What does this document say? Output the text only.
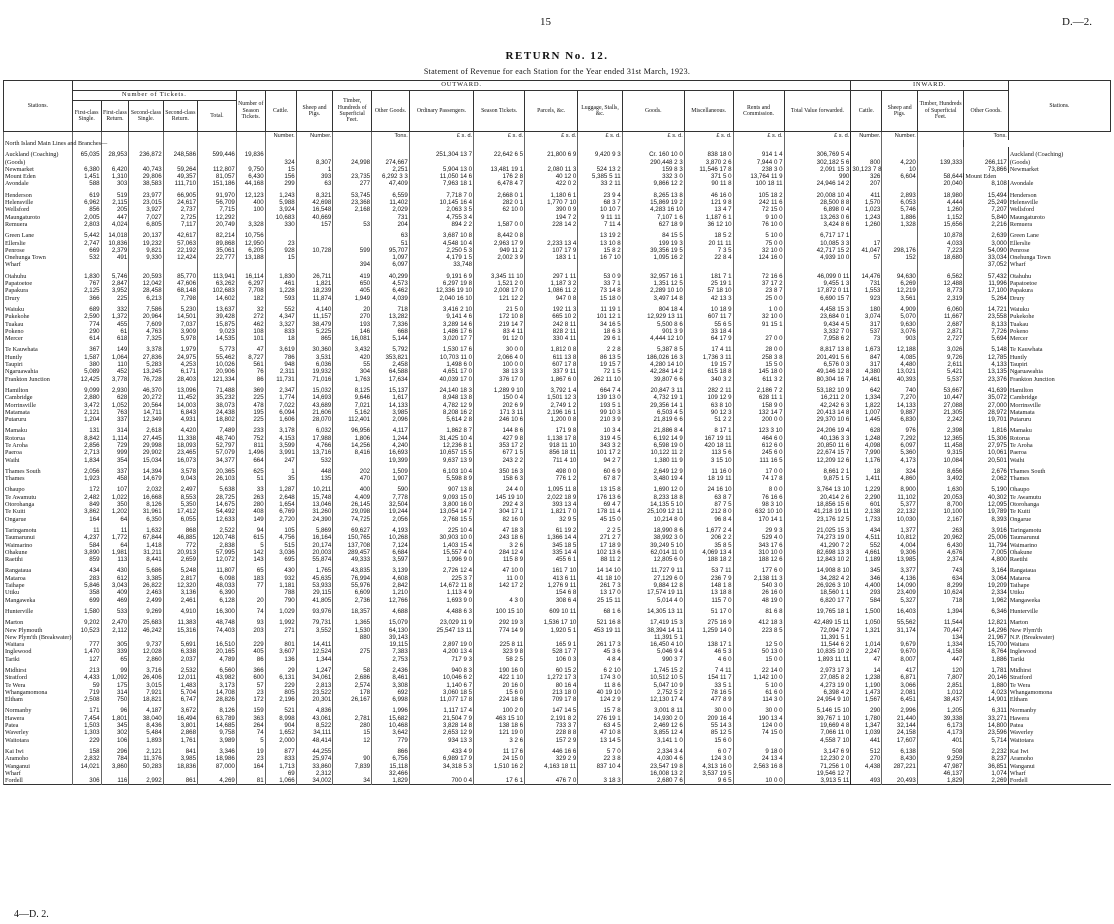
15	D.—2.
RETURN No. 12.
Statement of Revenue for each Station for the Year ended 31st March, 1923.
Stations.	OUTWARD.																		INWARD.				Stations.
	Number of Tickets.					Number of Season Tickets.	Cattle.	Sheep and Pigs.	Timber, Hundreds of Superficial Feet.	Other Goods.	Ordinary Passengers.	Season Tickets.	Parcels, &c.	Luggage, Stalls, &c.	Goods.	Miscellaneous.	Rents and Commission.	Total Value forwarded.	Cattle.	Sheep and Pigs.	Timber, Hundreds of Superficial Feet.	Other Goods.	
	First-class Single.	First-class Return.	Second-class Single.	Second-class Return.	Total.																		
							Number.	Number.		Tons.	£ s. d.	£ s. d.	£ s. d.	£ s. d.	£ s. d.	£ s. d.	£ s. d.	£ s. d.	Number.	Number.		Tons.	
North Island Main Lines and Branches—																							

Auckland (Coaching)	65,035	28,953	236,872	248,586	599,446	19,836					251,304 13 7	22,642 6 5	21,800 6 9	9,420 9 3	Cr. 160 10 0	838 18 0	914 1 4	306,769 5 4					Auckland (Coaching)
(Goods)							324	8,307	24,998	274,667					290,448 2 3	3,870 2 6	7,944 0 7	302,182 5 6	800	4,220	139,333	266,117	(Goods)
Newmarket	6,380	6,420	40,743	59,264	112,807	9,750	15	1		2,251	5,904 13 0	13,481 19 1	2,080 11 3	524 13 2	159 8 3	11,546 17 8	238 3 0	2,091 15 3	30,123 7 8	10		73,866	Newmarket
Mount Eden	1,451	1,310	29,806	49,357	81,057	6,430	156	393	23,735	6,292 3 3	11,050 14 6	176 2 8	40 12 0	5,385 5 11	332 3 0	371 5 0	13,764 11 9	990	326	6,604	58,644	Mount Eden	
Avondale	588	303	38,583	111,710	151,186	44,168	299	63	277	47,409	7,963 18 1	6,478 4 7	422 0 2	33 2 11	9,866 12 2	90 11 8	100 18 11	24,946 14 2	207		20,040	8,108	Avondale

Henderson	619	519	23,977	66,905	91,970	12,123	1,243	8,321	53,745	6,559	7,718 7 0	2,668 0 1	1,180 6 1	23 9 4	8,265 13 8	46 16 0	105 18 2	20,008 10 4	411	2,893	18,980	15,494	Henderson
Helensville	6,962	2,115	23,015	24,617	56,709	400	5,988	42,698	23,368	11,402	10,145 16 4	282 0 1	1,770 7 10	68 3 7	15,869 19 2	121 9 8	242 11 6	28,500 8 8	1,570	6,053	4,444	25,249	Helensville
Wellsford	856	205	3,927	2,737	7,715	100	3,924	16,548	2,168	2,029	2,063 3 5	62 10 0	390 0 9	10 10 7	4,283 16 10	13 4 7	72 15 0	6,898 0 4	1,023	5,746	1,260	7,207	Wellsford
Maungaturoto	2,005	447	7,027	2,725	12,292		10,683	40,669		731	4,755 3 4		194 7 2	9 11 11	7,107 1 6	1,187 6 1	9 10 0	13,263 0 6	1,243	1,886	1,152	5,840	Maungaturoto
Remuera	2,803	4,024	6,805	7,117	20,749	3,328	330	157	53	204	894 2 2	1,587 0 0	228 14 2	7 11 4	627 18 9	36 12 10	76 10 0	3,424 8 6	1,260	1,328	15,656	2,216	Remuera

Green Lane	5,442	14,018	20,137	42,617	82,214	10,756				63	3,687 10 8	8,442 0 8		13 19 2	84 15 5	18 5 2	5 10 0	6,717 17 1			10,878	2,639	Green Lane
Ellerslie	2,747	10,836	19,232	57,063	89,868	12,950	23			51	4,548 10 4	2,963 17 9	2,233 13 4	13 10 8	199 19 3	20 11 11	75 0 0	10,085 3 3	17		4,033	3,000	Ellerslie
Penrose	669	2,379	9,821	22,192	35,061	6,205	928	10,728	599	95,707	2,250 5 3	949 11 2	107 17 9	15 8 2	39,356 19 5	7 3 5	32 10 0	42,717 15 2	41,047	298,176	7,223	54,090	Penrose
Onehunga Town	532	491	9,330	12,424	22,777	13,188	15			1,097	4,179 1 5	2,002 3 9	183 1 1	16 7 10	1,095 16 2	22 8 4	124 16 0	4,939 10 0	57	152	18,680	33,034	Onehunga Town
Wharf									394	6,097	33,748											37,052	Wharf

Otahuhu	1,830	5,746	20,593	85,770	113,941	16,114	1,830	26,711	419	40,299	9,191 6 9	3,345 11 10	297 1 11	53 0 9	32,957 16 1	181 7 1	72 16 6	46,099 0 11	14,476	94,630	6,562	57,432	Otahuhu
Papatoetoe	767	2,847	12,042	47,606	63,262	6,297	461	1,821	650	4,573	6,297 19 8	1,521 2 0	1,187 3 2	33 7 1	1,351 12 5	25 19 1	37 17 2	9,455 1 3	731	6,269	12,488	11,996	Papatoetoe
Papakura	2,125	3,952	28,458	68,148	102,683	7,708	1,228	18,239	405	6,462	12,336 19 10	2,008 17 0	1,086 11 2	73 14 8	2,289 10 10	57 18 10	23 8 7	17,872 0 11	1,553	12,219	8,773	17,100	Papakura
Drury	366	225	6,213	7,798	14,602	182	593	11,874	1,949	4,039	2,040 16 10	121 12 2	947 0 8	15 18 0	3,497 14 8	42 13 3	25 0 0	6,690 15 7	923	3,561	2,319	5,264	Drury

Waiuku	689	332	7,586	5,230	13,637	32	552	4,140	20	718	3,416 2 10	21 5 0	192 11 3	11 19 1	804 18 4	10 18 9	1 0 0	4,458 15 3	180	4,909	6,060	14,721	Waiuku
Pukekohe	2,590	1,372	20,964	14,501	39,428	272	4,347	11,157	270	13,282	9,141 4 6	172 10 8	665 10 2	101 12 1	12,929 13 11	607 11 7	32 10 0	23,684 0 1	3,074	5,070	11,667	23,558	Pukekohe
Tuakau	774	455	7,609	7,037	15,875	462	3,327	38,479	193	7,336	3,289 14 6	219 14 7	242 8 11	34 16 5	5,500 8 6	55 6 5	91 15 1	9,434 4 5	317	9,630	2,687	8,133	Tuakau
Pokeno	290	61	4,763	3,909	9,023	108	833	5,225	146	668	1,486 17 6	83 4 11	828 2 11	18 6 3	901 3 9	33 18 4		3,332 7 0	537	3,076	2,871	7,726	Pokeno
Mercer	614	618	7,325	5,978	14,535	101	18	865	16,081	5,144	3,020 17 7	91 12 0	330 4 11	29 6 1	4,444 12 10	64 17 9	27 0 0	7,958 6 2	73	903	2,727	5,694	Mercer

Te Kauwhata	367	149	3,378	1,979	5,773	47	3,619	30,360	3,432	5,792	1,530 17 6	30 0 0	1,812 0 8	2 2 8	5,387 8 5	17 4 11	28 0 0	8,817 13 8	1,673	12,188	3,026	5,148	Te Kauwhata
Huntly	1,587	1,064	27,836	24,975	55,462	8,727	786	3,531	420	353,821	10,703 11 0	2,066 4 0	611 13 8	86 13 5	186,026 16 3	1,736 3 11	258 3 8	201,491 5 6	847	4,085	9,726	12,785	Huntly
Taupiri	380	110	5,283	4,253	10,026	561	948	6,036	55	2,458	1,498 6 0	100 0 0	607 17 8	19 15 7	4,280 14 10	19 15 7	15 5 0	6,576 0 3	317	4,480	2,611	4,133	Taupiri
Ngaruawahia	5,089	452	13,245	6,171	20,906	76	2,311	19,932	304	64,588	4,651 17 0	38 13 3	337 9 11	72 1 5	42,284 14 2	615 18 8	145 18 0	49,146 12 8	4,380	13,021	5,421	13,135	Ngaruawahia
Frankton Junction	12,425	3,778	76,728	28,403	121,334	86	11,731	71,016	1,763	17,634	40,039 17 0	376 17 0	1,867 6 0	262 11 10	39,807 6 6	340 3 2	611 3 2	80,304 16 7	14,461	40,393	5,537	23,376	Frankton Junction

Hamilton	9,099	2,930	46,370	13,096	71,488	369	2,347	15,032	8,125	15,137	24,140 18 3	1,289 9 10	3,792 1 4	664 7 4	20,847 3 11	282 2 11	2,186 7 2	53,182 10 9	642	740	53,667	41,639	Hamilton
Cambridge	2,880	628	20,272	11,452	35,232	225	1,774	14,693	9,646	1,617	8,948 13 8	150 0 4	1,501 12 3	139 13 0	4,732 19 1	109 12 9	628 11 1	16,211 2 0	1,334	7,270	10,447	35,072	Cambridge
Morrinsville	3,472	1,052	20,564	14,003	38,073	478	7,022	43,689	7,021	14,133	4,782 12 9	202 6 9	2,749 1 2	193 5 1	29,356 14 1	63 8 10	158 9 0	42,242 6 3	1,822	14,133	27,088	27,000	Morrinsville
Matamata	2,121	763	14,711	6,843	24,438	195	6,094	21,606	5,162	3,985	8,208 16 2	171 3 11	2,196 16 1	99 10 3	6,503 4 5	90 12 3	132 14 7	20,413 14 8	1,007	9,887	21,305	28,972	Matamata
Putaruru	1,204	337	12,349	4,931	18,802	225	1,606	28,070	112,401	2,096	5,614 2 8	246 10 6	1,200 0 8	210 3 9	21,819 6 6	51 2 2	200 0 0	29,370 10 6	1,445	6,830	2,242	19,701	Putaruru

Mamaku	131	314	2,618	4,420	7,489	233	3,178	6,032	96,956	4,117	1,862 8 7	144 8 6	171 9 8	10 3 4	21,886 8 4	8 17 1	123 3 10	24,206 19 4	628	976	2,398	1,816	Mamaku
Rotorua	8,842	1,114	27,445	11,338	48,740	752	4,153	17,988	1,806	1,244	31,425 10 4	427 9 8	1,138 17 8	319 4 5	6,192 14 9	167 19 11	464 6 0	40,136 3 3	1,248	7,292	12,365	15,306	Rotorua
Te Aroha	2,856	729	29,998	18,093	52,797	811	3,599	4,766	14,256	4,240	12,236 8 1	353 17 2	918 11 10	343 3 2	6,598 19 0	420 18 11	612 6 0	20,850 11 6	4,098	6,097	11,458	27,975	Te Aroha
Paeroa	2,713	999	29,902	23,465	57,079	1,496	3,991	13,716	8,416	16,693	10,657 15 5	677 1 5	856 18 11	101 17 2	10,122 11 2	113 5 6	245 6 0	22,674 15 7	7,990	5,360	9,315	10,061	Paeroa
Waihi	1,834	354	15,034	16,073	34,377	664	247	532		19,399	9,637 13 9	243 2 2	711 4 10	94 2 7	1,380 11 9	3 15 10	111 16 5	12,209 12 6	1,176	4,173	10,084	20,501	Waihi

Thames South	2,056	337	14,394	3,578	20,365	625	1	448	202	1,509	6,103 10 4	350 16 3	498 0 0	60 6 9	2,649 12 9	11 16 0	17 0 0	8,661 2 1	18	324	8,656	2,676	Thames South
Thames	1,923	458	14,679	9,043	26,103	51	35	135	470	1,907	5,598 8 9	158 6 3	776 1 2	67 8 7	3,480 19 4	18 19 11	74 17 8	9,875 1 5	1,411	4,860	3,492	2,062	Thames

Ohaupo	172	107	2,032	2,497	5,638	33	1,287	10,211	400	590	907 13 8	24 4 0	1,095 11 8	13 15 8	1,690 12 0	24 16 10	8 0 0	3,764 13 10	1,229	8,900	1,630	5,190	Ohaupo
Te Awamutu	2,482	1,022	16,668	8,553	28,725	263	2,648	15,748	4,409	7,778	9,093 15 0	145 19 10	2,022 18 9	176 13 6	8,233 18 8	63 8 7	76 16 6	20,414 2 6	2,290	11,102	20,053	40,302	Te Awamutu
Otorohanga	849	350	8,126	5,350	14,675	280	1,654	13,046	26,145	32,504	3,800 16 0	292 4 3	393 13 4	69 4 7	14,135 5 10	87 7 5	98 3 10	18,856 15 6	601	5,377	8,700	12,095	Otorohanga
Te Kuiti	3,862	1,202	31,961	17,412	54,492	408	6,769	31,260	29,098	19,244	13,054 14 7	304 17 1	1,821 7 0	178 11 4	25,109 12 11	212 8 0	632 10 10	41,218 19 11	2,138	22,132	10,100	19,789	Te Kuiti
Ongarue	164	64	6,350	6,055	12,633	149	2,720	24,390	74,725	2,056	2,768 15 5	82 16 0	32 9 5	45 15 0	10,214 8 0	96 8 4	170 14 1	23,176 12 5	1,733	10,030	2,167	8,393	Ongarue

Taringamotu	11	11	1,632	868	2,522	94	105	5,869	69,627	4,193	225 10 4	47 18 3	61 19 2	2 2 5	18,990 8 6	1,677 2 4	29 9 3	21,025 15 3	434	1,377	263	3,916	Taringamotu
Taumarunui	4,237	1,772	67,844	46,885	120,748	615	4,756	16,164	150,765	10,268	30,903 10 0	243 18 6	1,366 14 4	271 2 7	38,992 3 0	206 2 2	529 4 0	74,273 19 0	4,511	10,812	20,962	25,006	Taumarunui
Waimarino	584	64	1,418	772	2,838	5	515	20,174	137,708	7,124	1,403 15 4	3 2 6	345 18 5	17 18 9	39,249 5 10	35 8 5	343 17 6	41,290 7 2	552	4,004	6,430	11,794	Waimarino
Ohakune	3,890	1,981	31,211	20,913	57,995	142	3,036	20,003	289,457	6,684	15,557 4 0	284 12 4	335 14 4	102 13 6	62,014 11 0	4,069 13 4	310 10 0	82,698 13 3	4,661	9,306	4,676	7,005	Ohakune
Raetihi	859	113	8,441	2,659	12,072	143	695	55,874	49,333	3,597	1,996 9 0	115 8 9	455 6 1	88 11 2	12,805 6 0	188 18 2	188 12 6	12,843 10 2	1,189	13,985	2,374	4,800	Raetihi

Rangataua	434	430	5,686	5,248	11,807	65	430	1,765	43,835	3,139	2,726 12 4	47 10 0	161 7 10	14 14 10	11,727 9 11	53 7 11	177 6 0	14,908 8 10	345	3,377	743	3,164	Rangataua
Mataroa	283	612	3,385	2,817	6,098	183	932	45,635	76,994	4,608	225 3 7	11 0 0	413 6 11	41 18 10	27,129 6 0	236 7 9	2,138 11 3	34,282 4 2	346	4,136	634	3,064	Mataroa
Taihape	5,846	3,043	26,822	12,320	48,033	77	1,181	53,933	55,976	2,842	14,672 11 8	142 17 2	1,276 9 11	261 7 3	9,884 12 8	148 1 8	540 3 0	26,926 3 10	4,400	14,090	8,299	19,209	Taihape
Utiku	358	409	2,463	3,136	6,390		788	29,115	6,609	1,210	1,113 4 9		154 6 8	13 17 0	17,574 19 11	13 18 8	26 16 0	18,560 1 1	293	23,409	10,624	2,334	Utiku
Mangaweka	699	469	2,499	2,461	6,128	20	790	41,805	2,736	12,766	1,693 9 0	4 3 0	308 6 4	25 15 11	5,014 4 0	115 7 0	48 19 0	6,820 17 7	584	5,327	718	1,962	Mangaweka

Hunterville	1,580	533	9,269	4,910	16,300	74	1,029	93,976	18,357	4,688	4,488 6 3	100 15 10	609 10 11	68 1 6	14,305 13 11	51 17 0	81 6 8	19,765 18 1	1,500	16,403	1,394	6,346	Hunterville

Marton	9,202	2,470	25,683	11,383	48,748	93	1,992	79,731	1,365	15,079	23,029 11 9	292 19 3	1,536 17 10	521 16 8	17,419 15 3	275 16 9	412 18 3	42,489 15 11	1,050	55,562	11,544	12,821	Marton
New Plymouth	10,523	2,112	46,242	15,316	74,403	203	271	3,552	1,530	64,130	25,547 13 11	774 14 9	1,920 5 1	453 19 11	38,394 14 11	1,259 14 0	223 8 5	72,094 7 2	1,321	31,174	70,447	14,296	New Plym'th
New Plym'th (Breakwater)									880	39,143					11,391 5 1			11,391 5 1			134	21,967	N.P. (Breakwater)
Waitara	777	305	9,737	5,691	16,510	229	801	14,411		19,115	2,897 19 0	225 8 11	165 9 1	261 17 3	16,450 4 10	138 17 1	12 5 0	11,544 6 2	1,014	9,679	1,334	15,700	Waitara
Inglewood	1,470	339	12,028	6,338	20,165	405	3,607	12,524	275	7,383	4,200 13 4	323 9 8	528 17 7	45 3 6	5,046 9 4	46 5 3	50 13 0	10,835 10 2	2,247	9,670	4,158	8,764	Inglewood
Tariki	127	65	2,860	2,037	4,789	86	136	1,344		2,753	717 9 3	58 2 5	106 0 3	4 8 4	990 3 7	4 6 0	15 0 0	1,893 11 11	47	8,007	447	1,886	Tariki

Midhirst	213	99	3,716	2,532	6,560	366	29	1,247	58	2,436	940 8 3	190 16 0	60 15 2	6 2 10	1,745 15 2	7 4 11	22 14 0	2,973 17 3	14	417	120	1,781	Midhirst
Stratford	4,433	1,092	26,406	12,011	43,982	600	6,131	34,061	2,686	8,461	10,046 6 2	422 1 10	1,272 17 3	174 3 0	10,512 10 5	154 11 7	1,142 10 0	27,085 8 2	1,238	6,871	7,807	20,146	Stratford
Te Wera	59	175	3,015	1,483	3,173	57	229	2,813	2,574	3,308	1,140 6 7	20 16 0	80 16 4	11 8 6	5,047 10 9	33 5 1	5 10 0	4,273 19 0	1,190	3,066	2,851	1,880	Te Wera
Whangamomona	719	314	7,921	5,704	14,708	23	805	23,522	178	692	3,060 18 5	15 6 0	213 18 0	40 19 10	2,752 5 2	78 16 5	61 6 0	6,398 4 2	1,473	2,081	1,012	4,023	Whangamomona
Eltham	2,508	750	18,821	6,747	28,826	172	2,196	20,301	26,167	6,998	11,077 17 8	224 18 6	709 17 8	124 2 9	12,130 17 4	477 8 9	114 3 0	24,954 9 10	1,567	6,451	38,437	14,901	Eltham

Normanby	171	96	4,187	3,672	8,126	159	521	4,836		1,996	1,117 17 4	100 2 0	147 14 5	15 7 8	3,001 8 11	30 0 0	30 0 0	5,146 15 10	290	2,996	1,205	6,311	Normanby
Hawera	7,454	1,801	38,040	16,494	63,789	363	8,998	43,061	2,781	15,682	21,504 7 9	463 15 10	2,191 8 2	276 19 1	14,930 2 0	209 16 4	190 13 4	39,767 1 10	1,780	21,440	39,338	33,271	Hawera
Patea	1,503	345	8,436	3,801	14,685	264	904	8,522	280	10,468	3,828 14 8	138 18 6	733 3 7	63 4 5	2,469 12 6	55 14 3	124 0 0	19,669 4 8	1,347	32,144	6,173	14,800	Patea
Waverley	1,303	302	5,484	2,868	9,758	74	1,652	34,111	15	3,642	2,653 12 9	121 19 0	228 8 8	47 10 8	3,855 12 4	85 12 5	74 15 0	7,066 11 0	1,039	24,158	4,173	23,596	Waverley
Waitotara	229	106	1,893	1,761	3,989	5	2,000	48,414	12	779	934 13 3	3 2 6	157 2 9	13 14 5	3,141 1 0	15 6 0		4,558 7 10	441	17,607	401	5,714	Waitotara

Kai Iwi	158	296	2,121	841	3,346	19	877	44,255		866	433 4 9	11 17 6	446 16 6	5 7 0	2,334 3 4	6 0 7	9 18 0	3,147 6 9	512	6,138	508	2,232	Kai Iwi
Aramoho	2,832	784	11,376	3,985	18,986	23	833	25,974	90	6,756	6,989 17 9	24 15 0	329 2 9	22 3 8	4,030 4 6	124 3 0	24 13 4	12,230 2 0	270	8,430	9,259	8,237	Aramoho
Wanganui	14,021	3,860	50,283	18,836	87,000	164	1,713	33,860	7,839	15,118	34,318 5 3	1,510 16 2	4,163 18 11	837 10 4	23,547 19 8	4,313 16 0	2,563 16 8	71,256 1 0	4,438	287,221	47,987	36,851	Wanganui
Wharf							69	2,312		32,466					16,008 13 2	3,537 19 5		19,546 12 7			46,137	1,074	Wharf
Fordell	306	116	2,992	861	4,269	81	1,066	34,002	34	1,829	700 0 4	17 6 1	476 7 0	3 18 3	2,680 7 6	9 6 5	10 0 0	3,913 5 11	493	20,493	1,829	2,269	Fordell
4—D. 2.
